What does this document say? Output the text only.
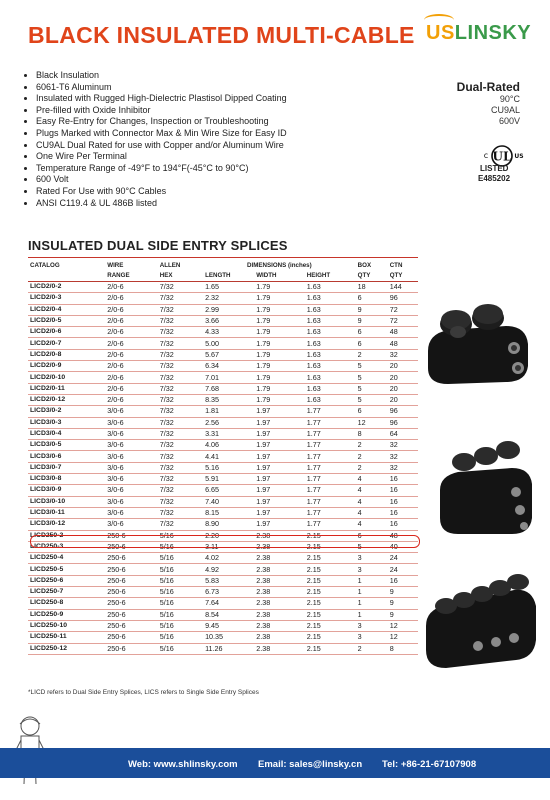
BLACK INSULATED MULTI-CABLE USLINSKY
• Black Insulation
• 6061-T6 Aluminum
• Insulated with Rugged High-Dielectric Plastisol Dipped Coating
• Pre-filled with Oxide Inhibitor
• Easy Re-Entry for Changes, Inspection or Troubleshooting
• Plugs Marked with Connector Max & Min Wire Size for Easy ID
• CU9AL Dual Rated for use with Copper and/or Aluminum Wire
• One Wire Per Terminal
• Temperature Range of -49°F to 194°F(-45°C to 90°C)
• 600 Volt
• Rated For Use with 90°C Cables
• ANSI C119.4 & UL 486B listed
Dual-Rated
90°C
CU9AL
600V
UL
c	US
LISTED
E485202
INSULATED DUAL SIDE ENTRY SPLICES
CATALOG	WIRE	ALLEN	DIMENSIONS (inches)			BOX	CTN
	RANGE	HEX	LENGTH	WIDTH	HEIGHT	QTY	QTY
LICD2/0-2	2/0-6	7/32	1.65	1.79	1.63	18	144
LICD2/0-3	2/0-6	7/32	2.32	1.79	1.63	6	96
LICD2/0-4	2/0-6	7/32	2.99	1.79	1.63	9	72
LICD2/0-5	2/0-6	7/32	3.66	1.79	1.63	9	72
LICD2/0-6	2/0-6	7/32	4.33	1.79	1.63	6	48
LICD2/0-7	2/0-6	7/32	5.00	1.79	1.63	6	48
LICD2/0-8	2/0-6	7/32	5.67	1.79	1.63	2	32
LICD2/0-9	2/0-6	7/32	6.34	1.79	1.63	5	20
LICD2/0-10	2/0-6	7/32	7.01	1.79	1.63	5	20
LICD2/0-11	2/0-6	7/32	7.68	1.79	1.63	5	20
LICD2/0-12	2/0-6	7/32	8.35	1.79	1.63	5	20
LICD3/0-2	3/0-6	7/32	1.81	1.97	1.77	6	96
LICD3/0-3	3/0-6	7/32	2.56	1.97	1.77	12	96
LICD3/0-4	3/0-6	7/32	3.31	1.97	1.77	8	64
LICD3/0-5	3/0-6	7/32	4.06	1.97	1.77	2	32
LICD3/0-6	3/0-6	7/32	4.41	1.97	1.77	2	32
LICD3/0-7	3/0-6	7/32	5.16	1.97	1.77	2	32
LICD3/0-8	3/0-6	7/32	5.91	1.97	1.77	4	16
LICD3/0-9	3/0-6	7/32	6.65	1.97	1.77	4	16
LICD3/0-10	3/0-6	7/32	7.40	1.97	1.77	4	16
LICD3/0-11	3/0-6	7/32	8.15	1.97	1.77	4	16
LICD3/0-12	3/0-6	7/32	8.90	1.97	1.77	4	16
LICD250-2	250-6	5/16	2.20	2.38	2.15	6	48
LICD250-3	250-6	5/16	3.11	2.38	2.15	5	40
LICD250-4	250-6	5/16	4.02	2.38	2.15	3	24
LICD250-5	250-6	5/16	4.92	2.38	2.15	3	24
LICD250-6	250-6	5/16	5.83	2.38	2.15	1	16
LICD250-7	250-6	5/16	6.73	2.38	2.15	1	9
LICD250-8	250-6	5/16	7.64	2.38	2.15	1	9
LICD250-9	250-6	5/16	8.54	2.38	2.15	1	9
LICD250-10	250-6	5/16	9.45	2.38	2.15	3	12
LICD250-11	250-6	5/16	10.35	2.38	2.15	3	12
LICD250-12	250-6	5/16	11.26	2.38	2.15	2	8
*LICD refers to Dual Side Entry Splices, LICS refers to Single Side Entry Splices
Web: www.shlinsky.com Email: sales@linsky.cn Tel: +86-21-67107908
